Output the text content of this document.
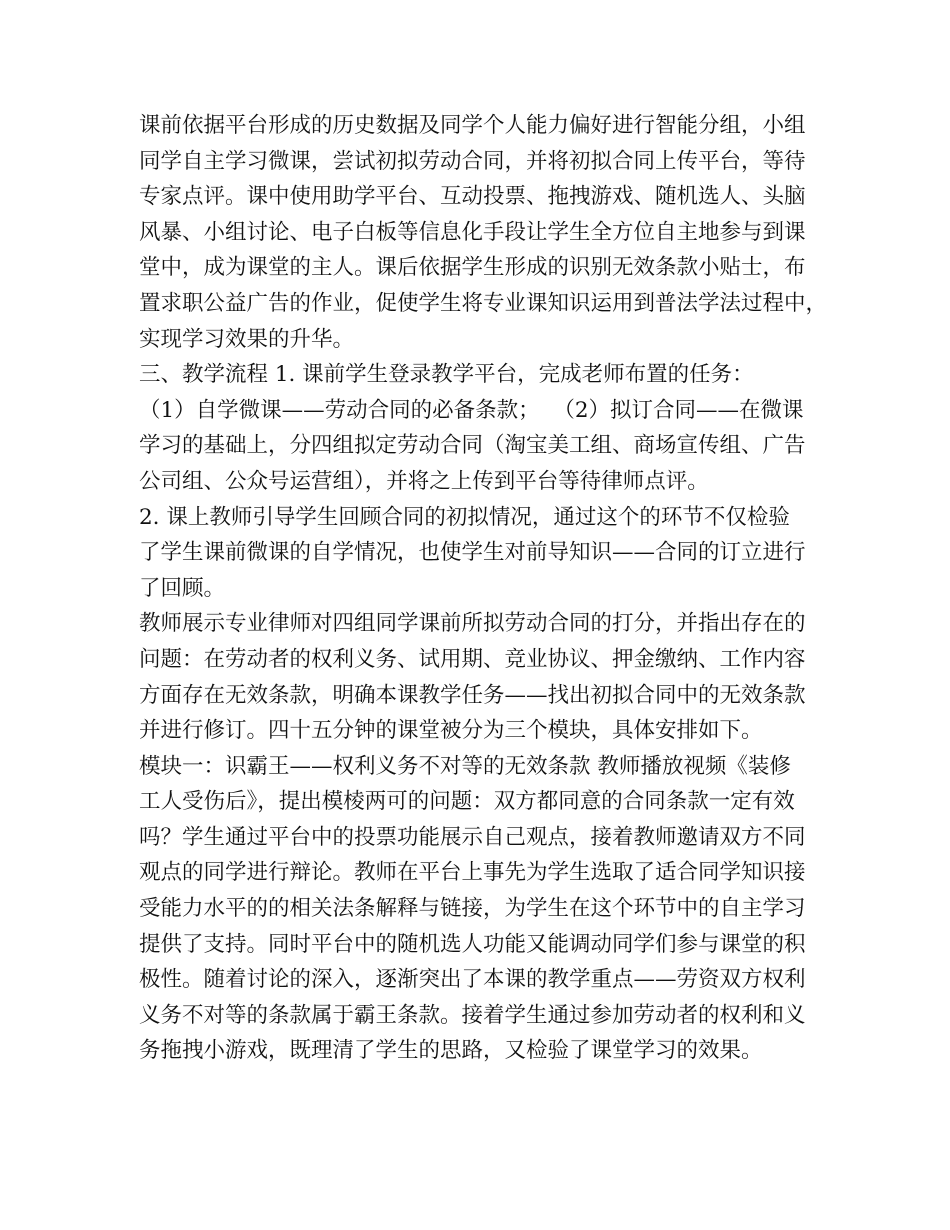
课前依据平台形成的历史数据及同学个人能力偏好进行智能分组，小组
同学自主学习微课，尝试初拟劳动合同，并将初拟合同上传平台，等待
专家点评。课中使用助学平台、互动投票、拖拽游戏、随机选人、头脑
风暴、小组讨论、电子白板等信息化手段让学生全方位自主地参与到课
堂中，成为课堂的主人。课后依据学生形成的识别无效条款小贴士，布
置求职公益广告的作业，促使学生将专业课知识运用到普法学法过程中，
实现学习效果的升华。
三、教学流程 1. 课前学生登录教学平台，完成老师布置的任务：
（1）自学微课——劳动合同的必备条款；  （2）拟订合同——在微课
学习的基础上，分四组拟定劳动合同（淘宝美工组、商场宣传组、广告
公司组、公众号运营组），并将之上传到平台等待律师点评。
2. 课上教师引导学生回顾合同的初拟情况，通过这个的环节不仅检验
了学生课前微课的自学情况，也使学生对前导知识——合同的订立进行
了回顾。
教师展示专业律师对四组同学课前所拟劳动合同的打分，并指出存在的
问题：在劳动者的权利义务、试用期、竞业协议、押金缴纳、工作内容
方面存在无效条款，明确本课教学任务——找出初拟合同中的无效条款
并进行修订。四十五分钟的课堂被分为三个模块，具体安排如下。
模块一：识霸王——权利义务不对等的无效条款 教师播放视频《装修
工人受伤后》，提出模棱两可的问题：双方都同意的合同条款一定有效
吗？学生通过平台中的投票功能展示自己观点，接着教师邀请双方不同
观点的同学进行辩论。教师在平台上事先为学生选取了适合同学知识接
受能力水平的的相关法条解释与链接，为学生在这个环节中的自主学习
提供了支持。同时平台中的随机选人功能又能调动同学们参与课堂的积
极性。随着讨论的深入，逐渐突出了本课的教学重点——劳资双方权利
义务不对等的条款属于霸王条款。接着学生通过参加劳动者的权利和义
务拖拽小游戏，既理清了学生的思路，又检验了课堂学习的效果。
